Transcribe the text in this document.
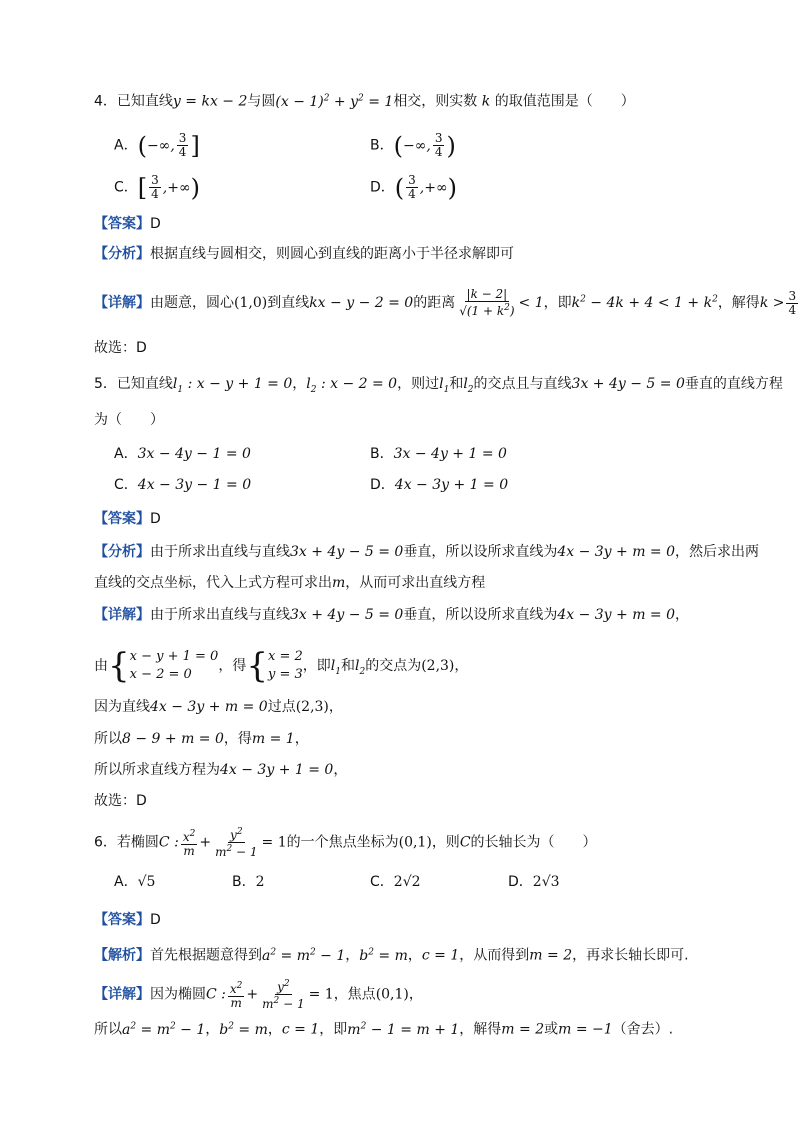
4．已知直线y = kx − 2与圆$(x - 1)^2 + y^2 = 1$相交，则实数 k 的取值范围是（　　）
A．(−∞, $\frac{3}{4}$ ]	B．(−∞, $\frac{3}{4}$ )
C．[ $\frac{3}{4}$ ,+∞)	D．( $\frac{3}{4}$ ,+∞)
【答案】D
【分析】根据直线与圆相交，则圆心到直线的距离小于半径求解即可
【详解】由题意，圆心(1,0)到直线kx − y − 2 = 0的距离 $\frac{|k - 2|}{√(1 + k^2)} < 1$，即$k^2 - 4k + 4 < 1 + k^2$，解得$k > \frac{3}{4}$
故选：D
5．已知直线$l_1$ : x − y + 1 = 0，$l_2$ : x − 2 = 0，则过$l_1$和$l_2$的交点且与直线3x + 4y − 5 = 0垂直的直线方程
为（　　）
A．3x − 4y − 1 = 0	B．3x − 4y + 1 = 0
C．4x − 3y − 1 = 0	D．4x − 3y + 1 = 0
【答案】D
【分析】由于所求出直线与直线3x + 4y − 5 = 0垂直，所以设所求直线为4x − 3y + m = 0，然后求出两
直线的交点坐标，代入上式方程可求出m，从而可求出直线方程
【详解】由于所求出直线与直线3x + 4y − 5 = 0垂直，所以设所求直线为4x − 3y + m = 0，
由{ x − y + 1 = 0
x − 2 = 0
，得{ x = 2
y = 3
，即$l_1$和$l_2$的交点为(2,3)，
因为直线4x − 3y + m = 0过点(2,3)，
所以8 − 9 + m = 0，得m = 1，
所以所求直线方程为4x − 3y + 1 = 0，
故选：D
6．若椭圆C : $\frac{x^2}{m} + \frac{y^2}{m^2 - 1} = 1$的一个焦点坐标为(0,1)，则C的长轴长为（　　）
A．√5	B．2	C．2√2	D．2√3
【答案】D
【解析】首先根据题意得到$a^2 = m^2 - 1$，$b^2 = m$，c = 1，从而得到m = 2，再求长轴长即可.
【详解】因为椭圆C : $\frac{x^2}{m} + \frac{y^2}{m^2 - 1} = 1$，焦点(0,1)，
所以$a^2 = m^2 - 1$，$b^2 = m$，c = 1，即$m^2 - 1 = m + 1$，解得m = 2或m = −1（舍去）.
